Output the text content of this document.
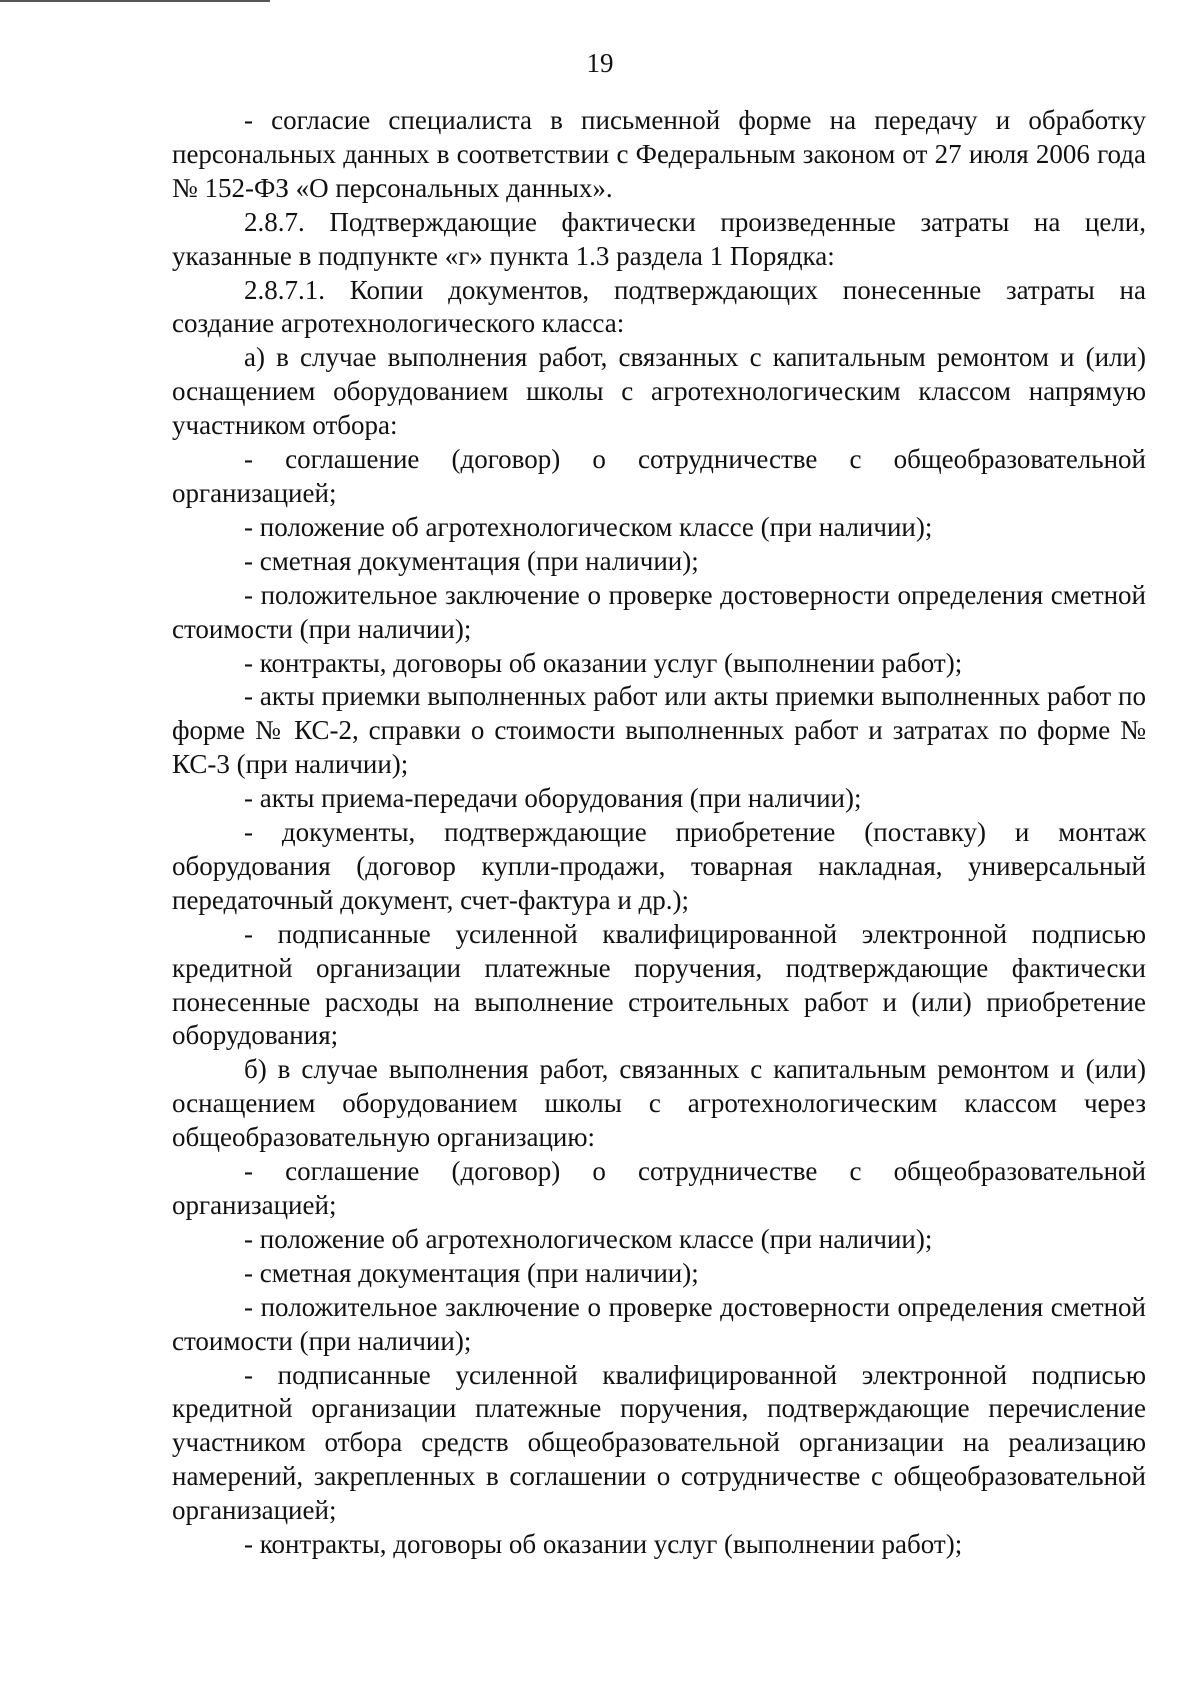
19

- согласие специалиста в письменной форме на передачу и обработку персональных данных в соответствии с Федеральным законом от 27 июля 2006 года № 152-ФЗ «О персональных данных».

2.8.7. Подтверждающие фактически произведенные затраты на цели, указанные в подпункте «г» пункта 1.3 раздела 1 Порядка:

2.8.7.1. Копии документов, подтверждающих понесенные затраты на создание агротехнологического класса:

а) в случае выполнения работ, связанных с капитальным ремонтом и (или) оснащением оборудованием школы с агротехнологическим классом напрямую участником отбора:

- соглашение (договор) о сотрудничестве с общеобразовательной организацией;

- положение об агротехнологическом классе (при наличии);

- сметная документация (при наличии);

- положительное заключение о проверке достоверности определения сметной стоимости (при наличии);

- контракты, договоры об оказании услуг (выполнении работ);

- акты приемки выполненных работ или акты приемки выполненных работ по форме № КС-2, справки о стоимости выполненных работ и затратах по форме № КС-3 (при наличии);

- акты приема-передачи оборудования (при наличии);

- документы, подтверждающие приобретение (поставку) и монтаж оборудования (договор купли-продажи, товарная накладная, универсальный передаточный документ, счет-фактура и др.);

- подписанные усиленной квалифицированной электронной подписью кредитной организации платежные поручения, подтверждающие фактически понесенные расходы на выполнение строительных работ и (или) приобретение оборудования;

б) в случае выполнения работ, связанных с капитальным ремонтом и (или) оснащением оборудованием школы с агротехнологическим классом через общеобразовательную организацию:

- соглашение (договор) о сотрудничестве с общеобразовательной организацией;

- положение об агротехнологическом классе (при наличии);

- сметная документация (при наличии);

- положительное заключение о проверке достоверности определения сметной стоимости (при наличии);

- подписанные усиленной квалифицированной электронной подписью кредитной организации платежные поручения, подтверждающие перечисление участником отбора средств общеобразовательной организации на реализацию намерений, закрепленных в соглашении о сотрудничестве с общеобразовательной организацией;

- контракты, договоры об оказании услуг (выполнении работ);
